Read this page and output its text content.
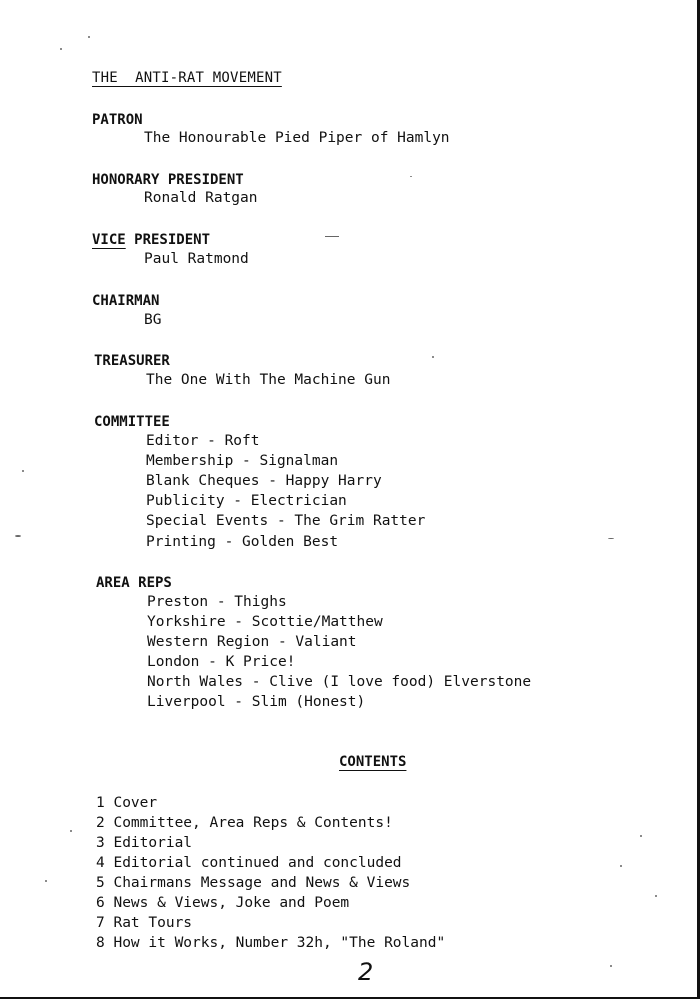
THE  ANTI-RAT MOVEMENT
PATRON
The Honourable Pied Piper of Hamlyn
HONORARY PRESIDENT
Ronald Ratgan
VICE PRESIDENT
Paul Ratmond
CHAIRMAN
BG
TREASURER
The One With The Machine Gun
COMMITTEE
Editor - Roft
Membership - Signalman
Blank Cheques - Happy Harry
Publicity - Electrician
Special Events - The Grim Ratter
Printing - Golden Best
AREA REPS
Preston - Thighs
Yorkshire - Scottie/Matthew
Western Region - Valiant
London - K Price!
North Wales - Clive (I love food) Elverstone
Liverpool - Slim (Honest)
CONTENTS
1 Cover
2 Committee, Area Reps & Contents!
3 Editorial
4 Editorial continued and concluded
5 Chairmans Message and News & Views
6 News & Views, Joke and Poem
7 Rat Tours
8 How it Works, Number 32h, "The Roland"
2
